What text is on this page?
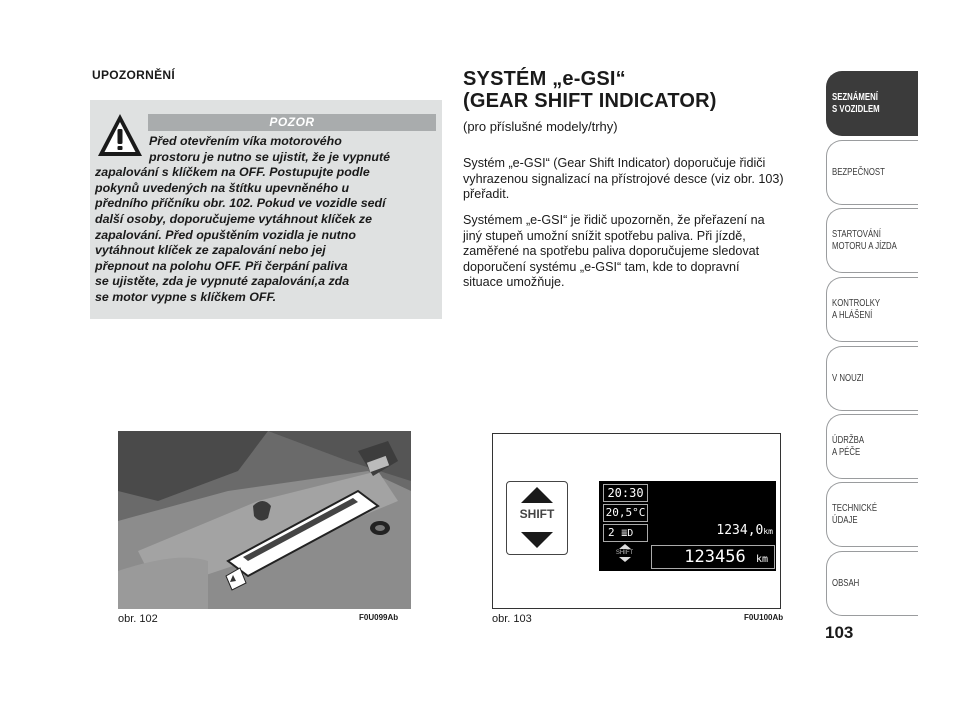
UPOZORNĚNÍ
POZOR
Před otevřením víka motorového
prostoru je nutno se ujistit, že je vypnuté
zapalování s klíčkem na OFF. Postupujte podle
pokynů uvedených na štítku upevněného u
předního příčníku obr. 102. Pokud ve vozidle sedí
další osoby, doporučujeme vytáhnout klíček ze
zapalování. Před opuštěním vozidla je nutno
vytáhnout klíček ze zapalování nebo jej
přepnout na polohu OFF. Při čerpání paliva
se ujistěte, zda je vypnuté zapalování,a zda
se motor vypne s klíčkem OFF.
SYSTÉM „e-GSI“
(GEAR SHIFT INDICATOR)
(pro příslušné modely/trhy)
Systém „e-GSI“ (Gear Shift Indicator) doporučuje řidiči
vyhrazenou signalizací na přístrojové desce (viz obr. 103)
přeřadit.
Systémem „e-GSI“ je řidič upozorněn, že přeřazení na
jiný stupeň umožní snížit spotřebu paliva. Při jízdě,
zaměřené na spotřebu paliva doporučujeme sledovat
doporučení systému „e-GSI“ tam, kde to dopravní
situace umožňuje.
obr. 102	F0U099Ab
SHIFT
20:30
20,5°C
2 ≣D
SHIFT
1234,0km
123456 km
obr. 103	F0U100Ab
SEZNÁMENÍ
S VOZIDLEM
BEZPEČNOST
STARTOVÁNÍ
MOTORU A JÍZDA
KONTROLKY
A HLÁŠENÍ
V NOUZI
ÚDRŽBA
A PÉČE
TECHNICKÉ
ÚDAJE
OBSAH
103
